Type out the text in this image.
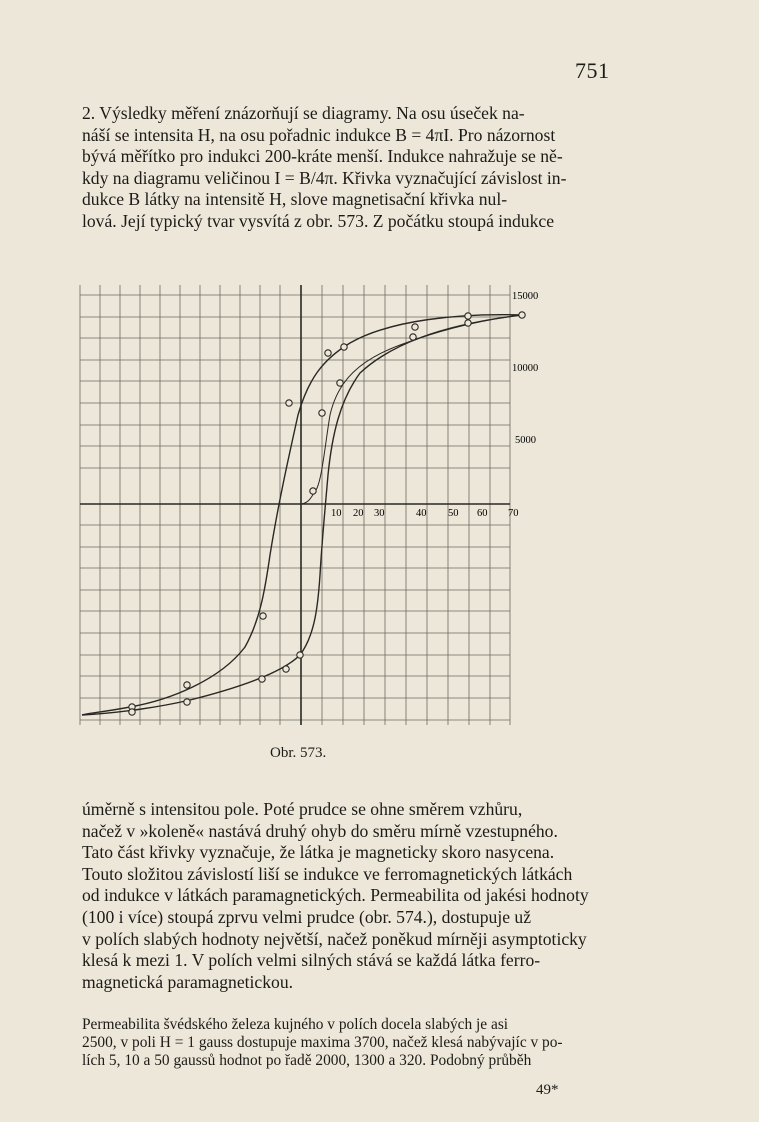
751
2. Výsledky měření znázorňují se diagramy. Na osu úseček na-
náší se intensita H, na osu pořadnic indukce B = 4πI. Pro názornost
bývá měřítko pro indukci 200-kráte menší. Indukce nahražuje se ně-
kdy na diagramu veličinou I = B/4π. Křivka vyznačující závislost in-
dukce B látky na intensitě H, slove magnetisační křivka nul-
lová. Její typický tvar vysvítá z obr. 573. Z počátku stoupá indukce
15000
10000
5000
10 20 30	40 50 60 70
Obr. 573.
úměrně s intensitou pole. Poté prudce se ohne směrem vzhůru,
načež v »koleně« nastává druhý ohyb do směru mírně vzestupného.
Tato část křivky vyznačuje, že látka je magneticky skoro nasycena.
Touto složitou závislostí liší se indukce ve ferromagnetických látkách
od indukce v látkách paramagnetických. Permeabilita od jakési hodnoty
(100 i více) stoupá zprvu velmi prudce (obr. 574.), dostupuje už
v polích slabých hodnoty největší, načež poněkud mírněji asymptoticky
klesá k mezi 1. V polích velmi silných stává se každá látka ferro-
magnetická paramagnetickou.
Permeabilita švédského železa kujného v polích docela slabých je asi
2500, v poli H = 1 gauss dostupuje maxima 3700, načež klesá nabývajíc v po-
lích 5, 10 a 50 gaussů hodnot po řadě 2000, 1300 a 320. Podobný průběh
49*
